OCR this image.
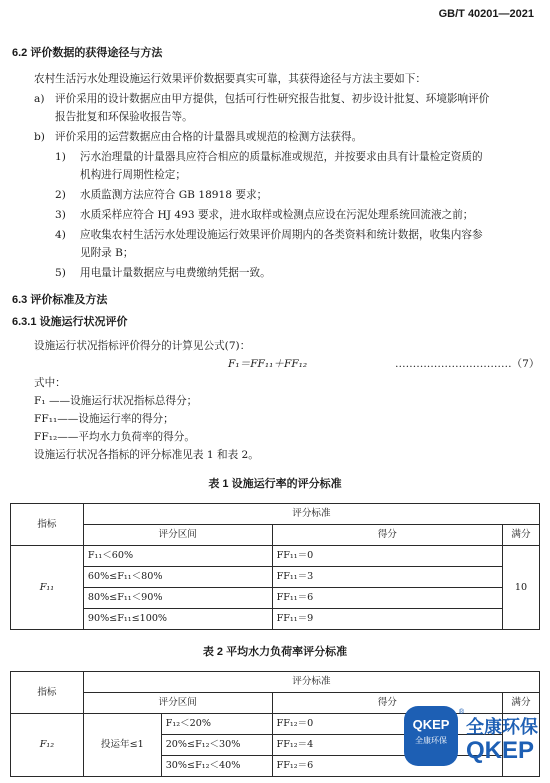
GB/T 40201—2021
6.2 评价数据的获得途径与方法
农村生活污水处理设施运行效果评价数据要真实可靠，其获得途径与方法主要如下：
a) 评价采用的设计数据应由甲方提供，包括可行性研究报告批复、初步设计批复、环境影响评价
报告批复和环保验收报告等。
b) 评价采用的运营数据应由合格的计量器具或规范的检测方法获得。
1) 污水治理量的计量器具应符合相应的质量标准或规范，并按要求由具有计量检定资质的
机构进行周期性检定；
2) 水质监测方法应符合 GB 18918 要求；
3) 水质采样应符合 HJ 493 要求，进水取样或检测点应设在污泥处理系统回流液之前；
4) 应收集农村生活污水处理设施运行效果评价周期内的各类资料和统计数据，收集内容参
见附录 B；
5) 用电量计量数据应与电费缴纳凭据一致。
6.3 评价标准及方法
6.3.1 设施运行状况评价
设施运行状况指标评价得分的计算见公式(7)：
F₁＝FF₁₁＋FF₁₂	……………………………（7）
式中：
F₁ ——设施运行状况指标总得分；
FF₁₁——设施运行率的得分；
FF₁₂——平均水力负荷率的得分。
设施运行状况各指标的评分标准见表 1 和表 2。
表 1 设施运行率的评分标准
指标	评分标准		
	评分区间	得分	满分
F₁₁	F₁₁＜60%	FF₁₁＝0	10
	60%≤F₁₁＜80%	FF₁₁＝3	
	80%≤F₁₁＜90%	FF₁₁＝6	
	90%≤F₁₁≤100%	FF₁₁＝9	
表 2 平均水力负荷率评分标准
指标	评分标准			
	评分区间		得分	满分
F₁₂	投运年≤1	F₁₂＜20%	FF₁₂＝0	
		20%≤F₁₂＜30%	FF₁₂＝4	
		30%≤F₁₂＜40%	FF₁₂＝6	
QKEP
全康环保
®
全康环保
QKEP
